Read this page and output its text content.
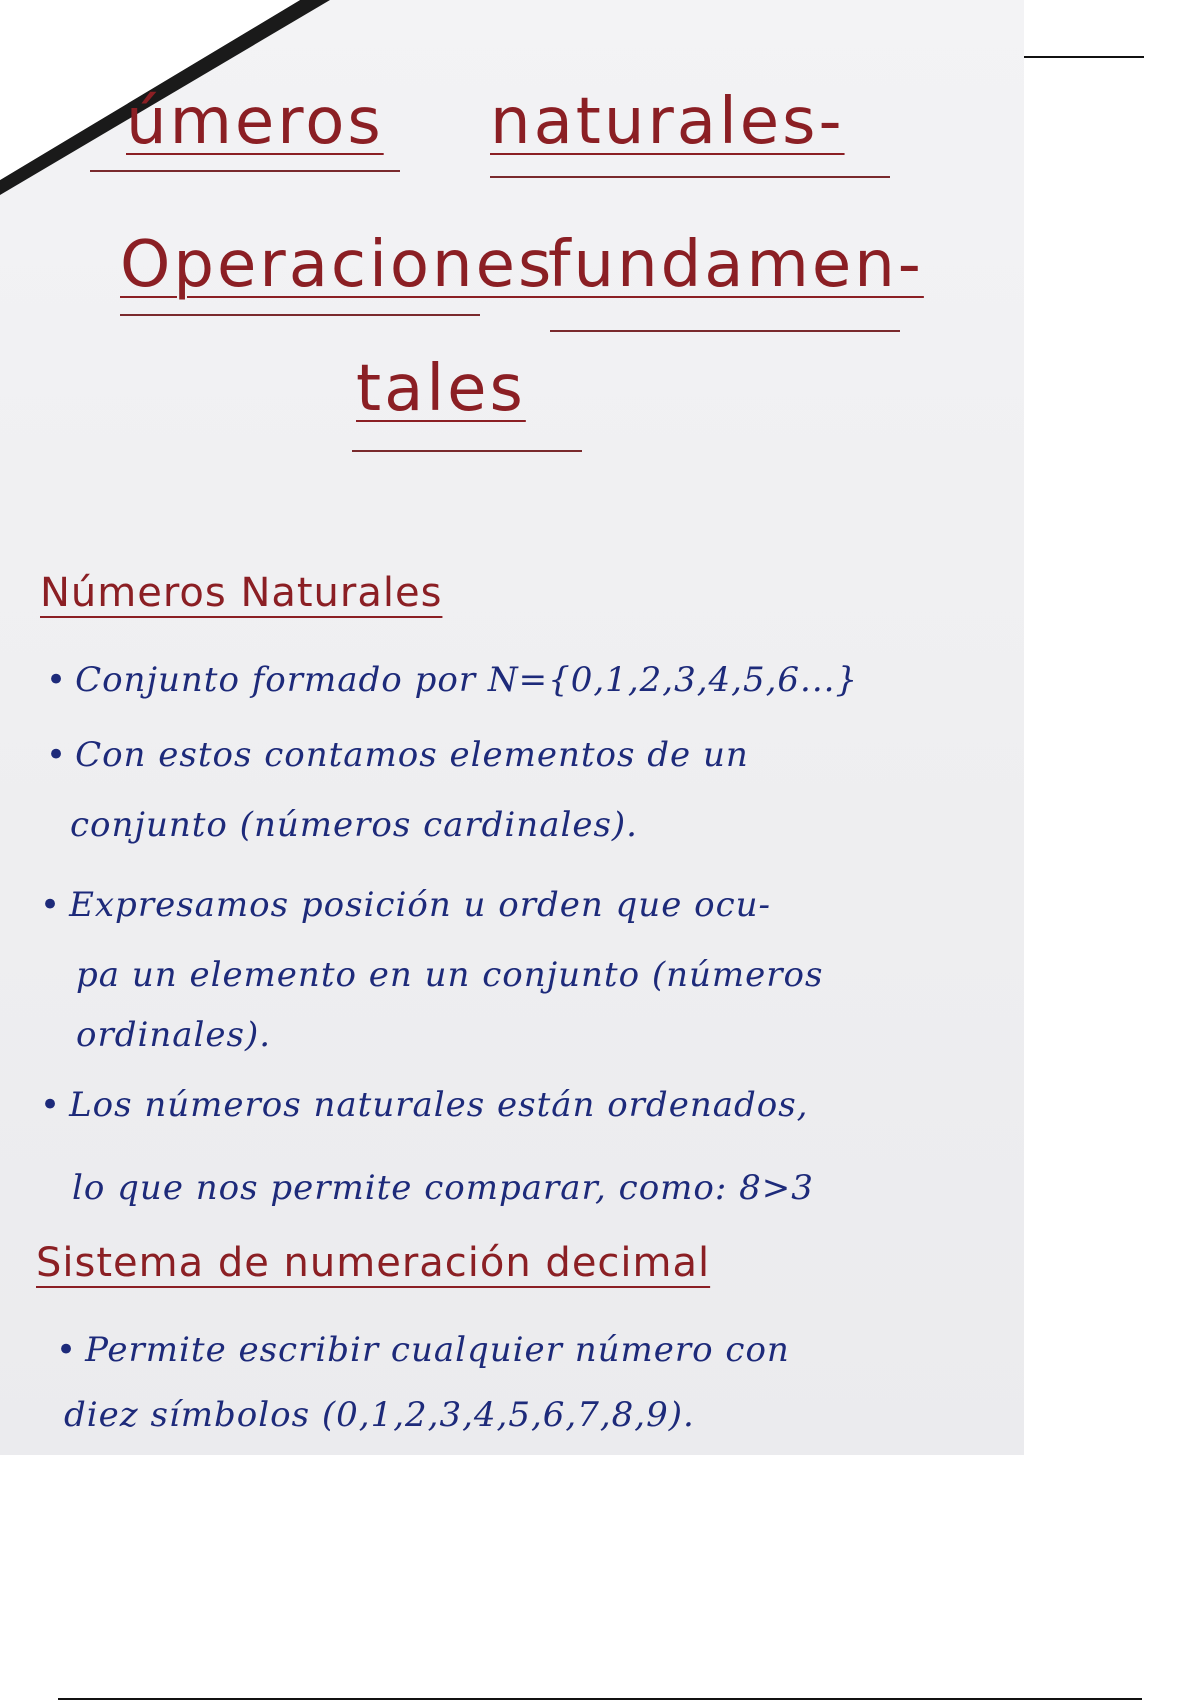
úmeros naturales-
Operaciones
fundamen-
tales
Números Naturales
• Conjunto formado por N={0,1,2,3,4,5,6...}
• Con estos contamos elementos de un
conjunto (números cardinales).
• Expresamos posición u orden que ocu-
pa un elemento en un conjunto (números
ordinales).
• Los números naturales están ordenados,
lo que nos permite comparar, como: 8>3
Sistema de numeración decimal
• Permite escribir cualquier número con
diez símbolos (0,1,2,3,4,5,6,7,8,9).
